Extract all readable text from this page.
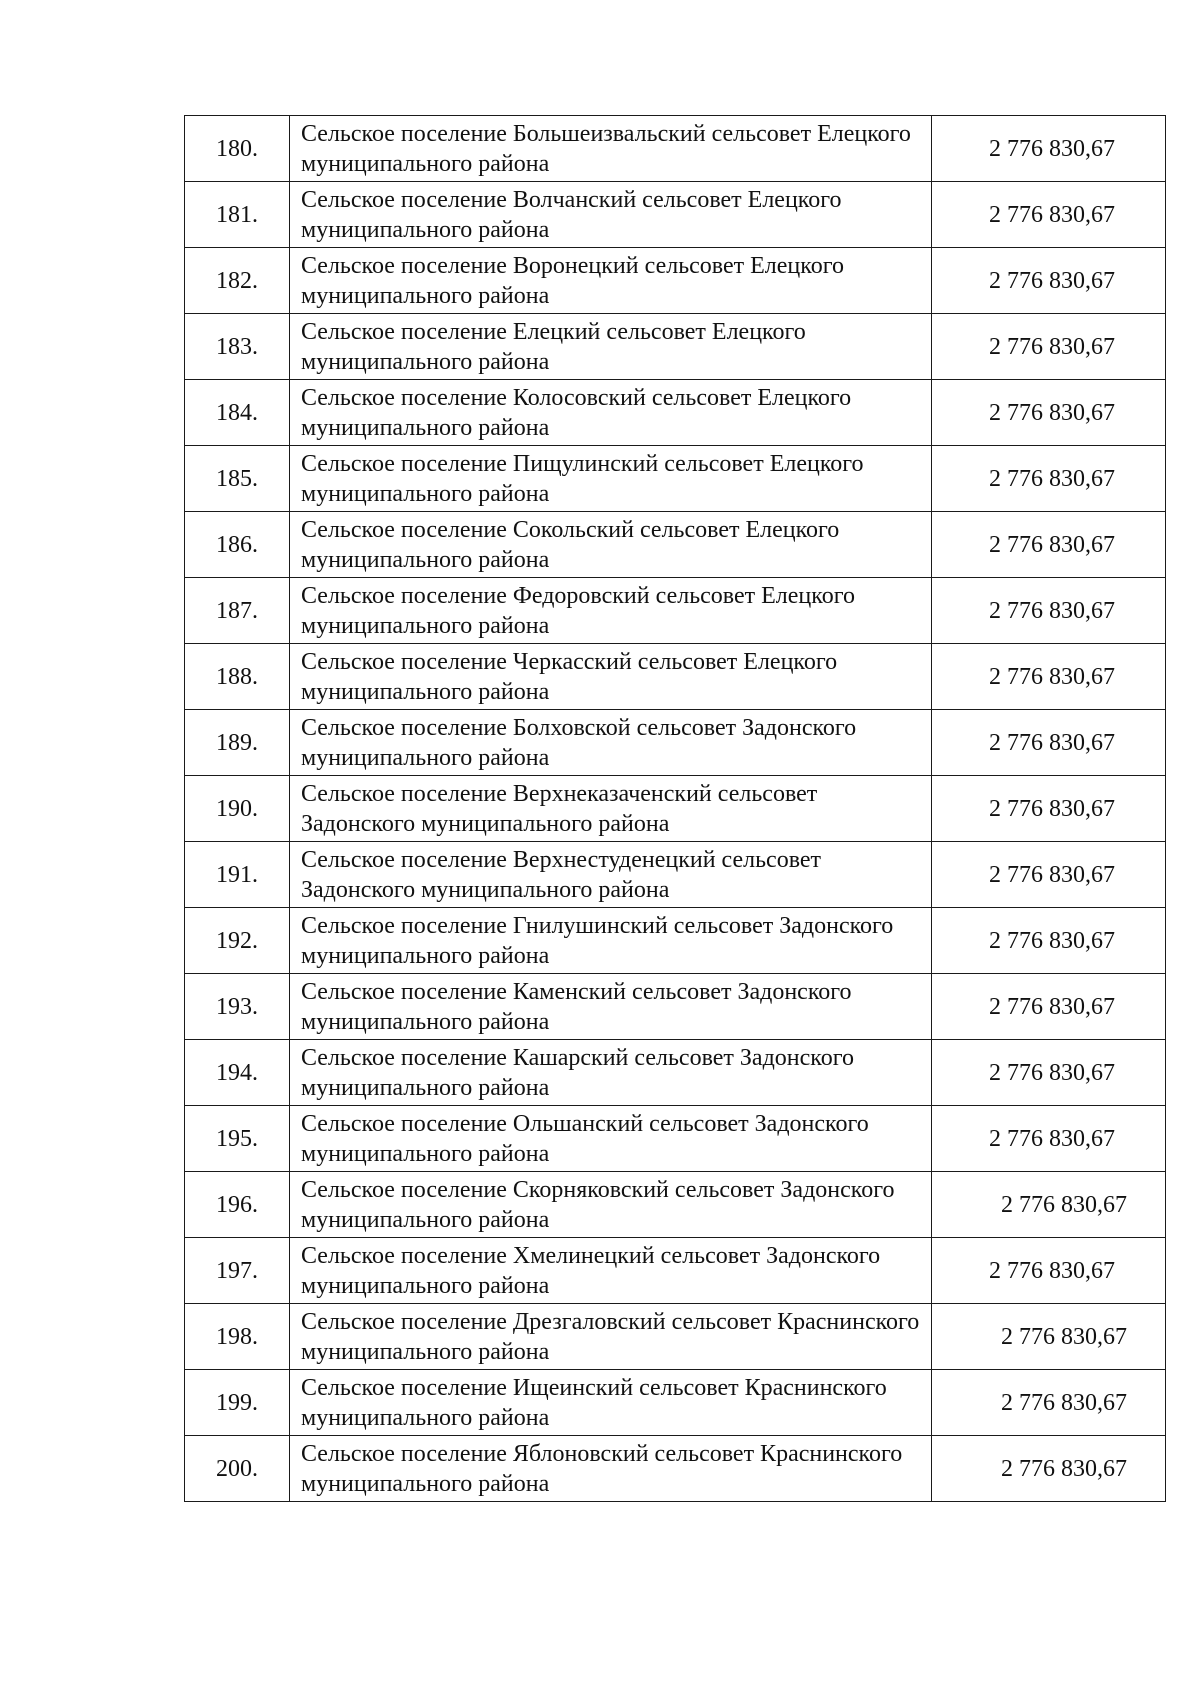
180.	Сельское поселение Большеизвальский сельсовет Елецкого муниципального района	2 776 830,67
181.	Сельское поселение Волчанский сельсовет Елецкого муниципального района	2 776 830,67
182.	Сельское поселение Воронецкий сельсовет Елецкого муниципального района	2 776 830,67
183.	Сельское поселение Елецкий сельсовет Елецкого муниципального района	2 776 830,67
184.	Сельское поселение Колосовский сельсовет Елецкого муниципального района	2 776 830,67
185.	Сельское поселение Пищулинский сельсовет Елецкого муниципального района	2 776 830,67
186.	Сельское поселение Сокольский сельсовет Елецкого муниципального района	2 776 830,67
187.	Сельское поселение Федоровский сельсовет Елецкого муниципального района	2 776 830,67
188.	Сельское поселение Черкасский сельсовет Елецкого муниципального района	2 776 830,67
189.	Сельское поселение Болховской сельсовет Задонского муниципального района	2 776 830,67
190.	Сельское поселение Верхнеказаченский сельсовет Задонского муниципального района	2 776 830,67
191.	Сельское поселение Верхнестуденецкий сельсовет Задонского муниципального района	2 776 830,67
192.	Сельское поселение Гнилушинский сельсовет Задонского муниципального района	2 776 830,67
193.	Сельское поселение Каменский сельсовет Задонского муниципального района	2 776 830,67
194.	Сельское поселение Кашарский сельсовет Задонского муниципального района	2 776 830,67
195.	Сельское поселение Ольшанский сельсовет Задонского муниципального района	2 776 830,67
196.	Сельское поселение Скорняковский сельсовет Задонского муниципального района	2 776 830,67
197.	Сельское поселение Хмелинецкий сельсовет Задонского муниципального района	2 776 830,67
198.	Сельское поселение Дрезгаловский сельсовет Краснинского муниципального района	2 776 830,67
199.	Сельское поселение Ищеинский сельсовет Краснинского муниципального района	2 776 830,67
200.	Сельское поселение Яблоновский сельсовет Краснинского муниципального района	2 776 830,67
